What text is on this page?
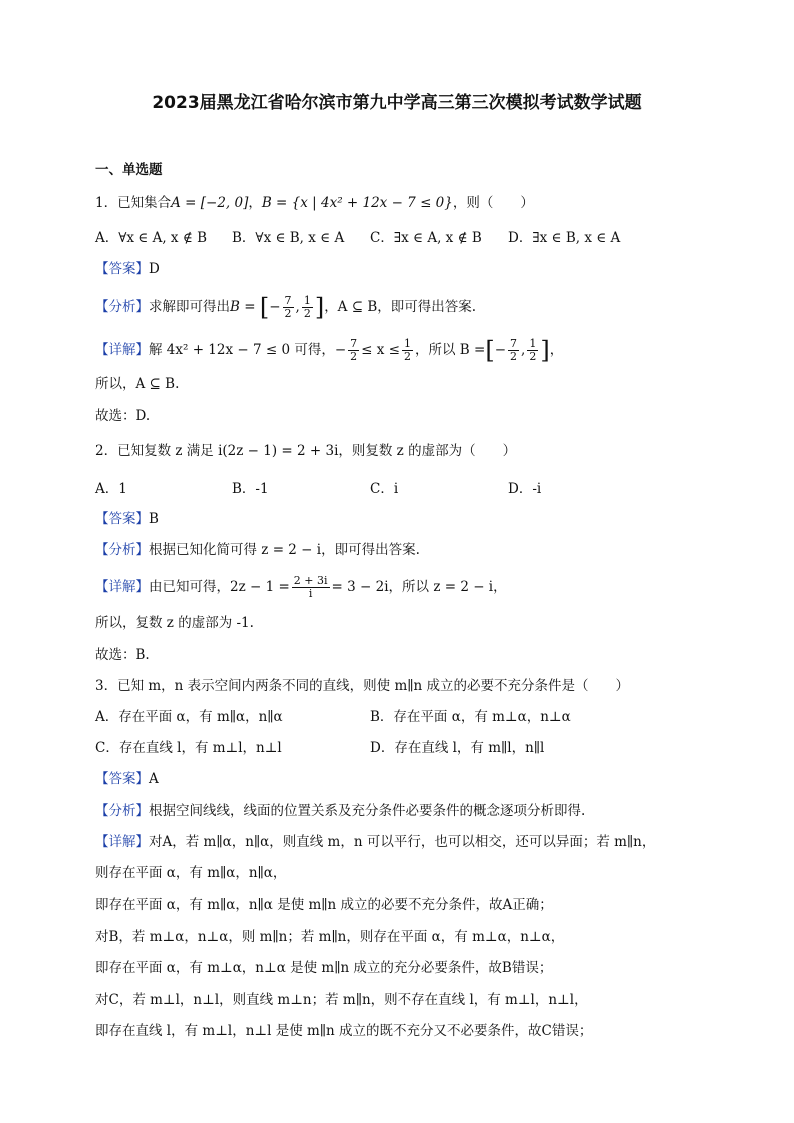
2023届黑龙江省哈尔滨市第九中学高三第三次模拟考试数学试题
一、单选题
1．已知集合A = [−2, 0]，B = {x | 4x² + 12x − 7 ≤ 0}，则（　　）
A．∀x ∈ A, x ∉ B B．∀x ∈ B, x ∈ A C．∃x ∈ A, x ∉ B D．∃x ∈ B, x ∈ A
【答案】D
【分析】求解即可得出B = [− $\frac{7}{2}$ , $\frac{1}{2}$ ]，A ⊆ B，即可得出答案.
【详解】解 4x² + 12x − 7 ≤ 0 可得，− $\frac{7}{2} \le x \le \frac{1}{2}$ ，所以 B =[− $\frac{7}{2}$ , $\frac{1}{2}$ ]，
所以，A ⊆ B.
故选：D.
2．已知复数 z 满足 i(2z − 1) = 2 + 3i，则复数 z 的虚部为（　　）
A．1	B．-1	C．i	D．-i
【答案】B
【分析】根据已知化简可得 z = 2 − i，即可得出答案.
【详解】由已知可得，$2z - 1 = \frac{2 + 3i}{i} = 3 - 2i$，所以 z = 2 − i，
所以，复数 z 的虚部为 -1.
故选：B.
3．已知 m，n 表示空间内两条不同的直线，则使 m∥n 成立的必要不充分条件是（　　）
A．存在平面 α，有 m∥α，n∥α	B．存在平面 α，有 m⊥α，n⊥α
C．存在直线 l，有 m⊥l，n⊥l	D．存在直线 l，有 m∥l，n∥l
【答案】A
【分析】根据空间线线，线面的位置关系及充分条件必要条件的概念逐项分析即得.
【详解】对A，若 m∥α，n∥α，则直线 m，n 可以平行，也可以相交，还可以异面；若 m∥n，
则存在平面 α，有 m∥α，n∥α，
即存在平面 α，有 m∥α，n∥α 是使 m∥n 成立的必要不充分条件，故A正确；
对B，若 m⊥α，n⊥α，则 m∥n；若 m∥n，则存在平面 α，有 m⊥α，n⊥α，
即存在平面 α，有 m⊥α，n⊥α 是使 m∥n 成立的充分必要条件，故B错误；
对C，若 m⊥l，n⊥l，则直线 m⊥n；若 m∥n，则不存在直线 l，有 m⊥l，n⊥l，
即存在直线 l，有 m⊥l，n⊥l 是使 m∥n 成立的既不充分又不必要条件，故C错误；
